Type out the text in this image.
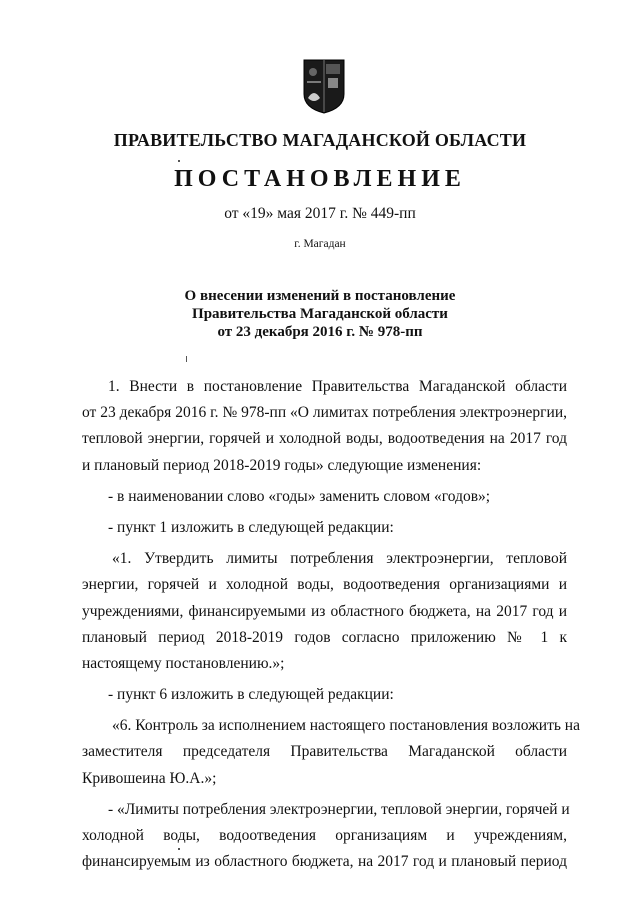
ПРАВИТЕЛЬСТВО МАГАДАНСКОЙ ОБЛАСТИ
ПОСТАНОВЛЕНИЕ
от «19» мая 2017 г. № 449-пп
г. Магадан
О внесении изменений в постановление
Правительства Магаданской области
от 23 декабря 2016 г. № 978-пп
1. Внести в постановление Правительства Магаданской области
от 23 декабря 2016 г. № 978-пп «О лимитах потребления электроэнергии,
тепловой энергии, горячей и холодной воды, водоотведения на 2017 год
и плановый период 2018-2019 годы» следующие изменения:
- в наименовании слово «годы» заменить словом «годов»;
- пункт 1 изложить в следующей редакции:
«1. Утвердить лимиты потребления электроэнергии, тепловой
энергии, горячей и холодной воды, водоотведения организациями и
учреждениями, финансируемыми из областного бюджета, на 2017 год и
плановый период 2018-2019 годов согласно приложению № 1 к
настоящему постановлению.»;
- пункт 6 изложить в следующей редакции:
«6. Контроль за исполнением настоящего постановления возложить на
заместителя председателя Правительства Магаданской области
Кривошеина Ю.А.»;
- «Лимиты потребления электроэнергии, тепловой энергии, горячей и
холодной воды, водоотведения организациям и учреждениям,
финансируемым из областного бюджета, на 2017 год и плановый период
